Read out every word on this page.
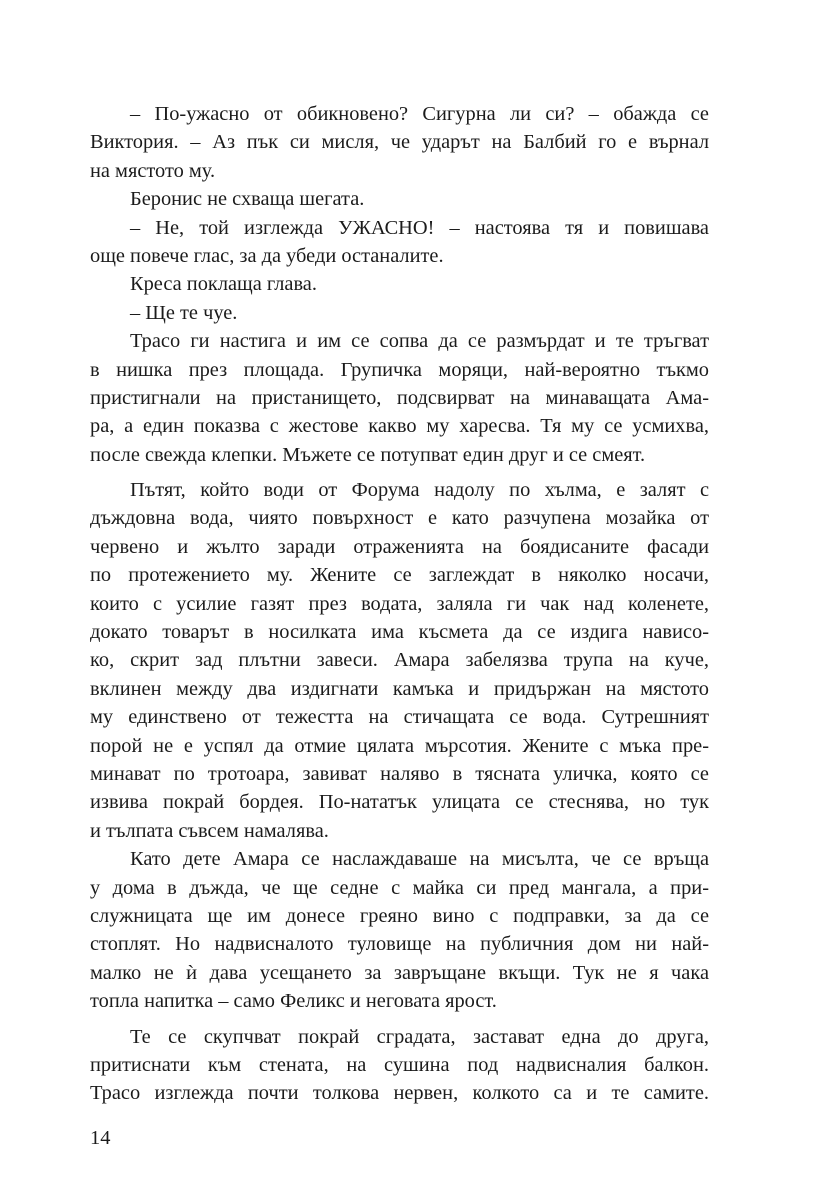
– По-ужасно от обикновено? Сигурна ли си? – обажда се
Виктория. – Аз пък си мисля, че ударът на Балбий го е върнал
на мястото му.
Беронис не схваща шегата.
– Не, той изглежда УЖАСНО! – настоява тя и повишава
още повече глас, за да убеди останалите.
Креса поклаща глава.
– Ще те чуе.
Трасо ги настига и им се сопва да се размърдат и те тръгват
в нишка през площада. Групичка моряци, най-вероятно тъкмо
пристигнали на пристанището, подсвирват на минаващата Ама-
ра, а един показва с жестове какво му харесва. Тя му се усмихва,
после свежда клепки. Мъжете се потупват един друг и се смеят.
Пътят, който води от Форума надолу по хълма, е залят с
дъждовна вода, чиято повърхност е като разчупена мозайка от
червено и жълто заради отраженията на боядисаните фасади
по протежението му. Жените се заглеждат в няколко носачи,
които с усилие газят през водата, заляла ги чак над коленете,
докато товарът в носилката има късмета да се издига нависо-
ко, скрит зад плътни завеси. Амара забелязва трупа на куче,
вклинен между два издигнати камъка и придържан на мястото
му единствено от тежестта на стичащата се вода. Сутрешният
порой не е успял да отмие цялата мърсотия. Жените с мъка пре-
минават по тротоара, завиват наляво в тясната уличка, която се
извива покрай бордея. По-нататък улицата се стеснява, но тук
и тълпата съвсем намалява.
Като дете Амара се наслаждаваше на мисълта, че се връща
у дома в дъжда, че ще седне с майка си пред мангала, а при-
служницата ще им донесе греяно вино с подправки, за да се
стоплят. Но надвисналото туловище на публичния дом ни най-
малко не ѝ дава усещането за завръщане вкъщи. Тук не я чака
топла напитка – само Феликс и неговата ярост.
Те се скупчват покрай сградата, застават една до друга,
притиснати към стената, на сушина под надвисналия балкон.
Трасо изглежда почти толкова нервен, колкото са и те самите.
14
